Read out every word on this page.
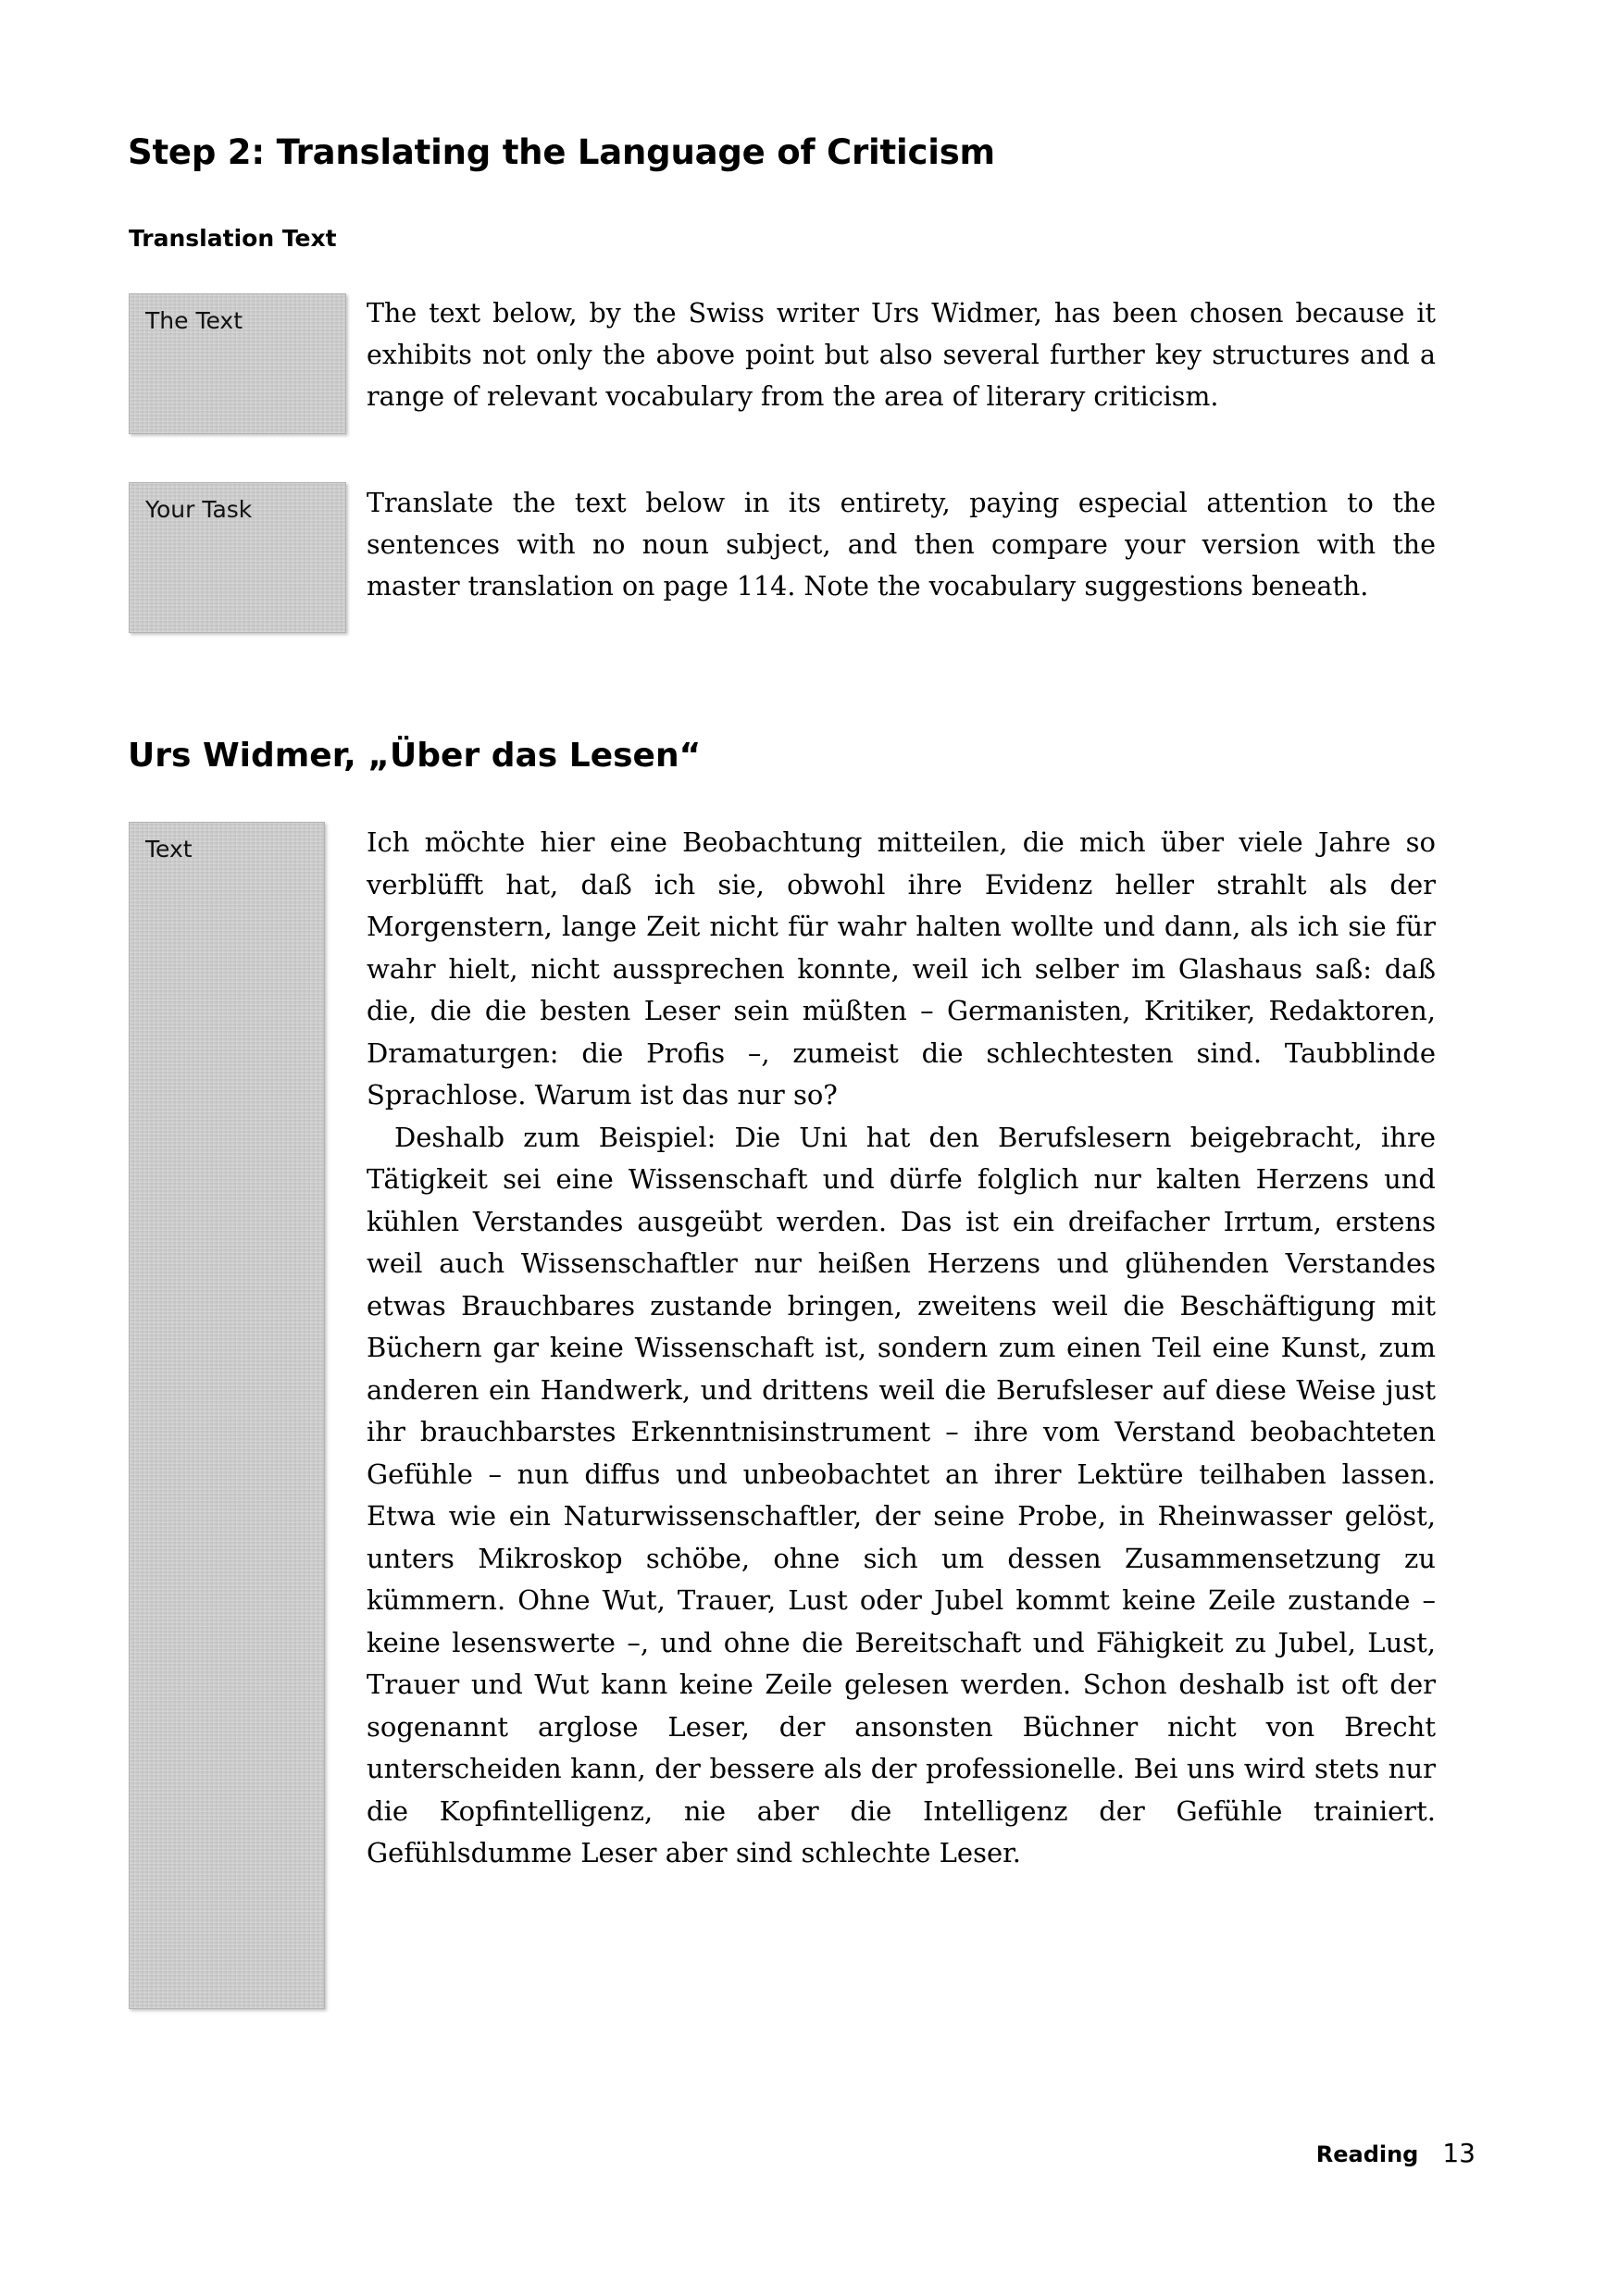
Step 2: Translating the Language of Criticism
Translation Text
The Text	The text below, by the Swiss writer Urs Widmer, has been chosen because it exhibits not only the above point but also several further key structures and a range of relevant vocabulary from the area of literary criticism.
Your Task	Translate the text below in its entirety, paying especial attention to the sentences with no noun subject, and then compare your version with the master translation on page 114. Note the vocabulary suggestions beneath.
Urs Widmer, „Über das Lesen“
Text	Ich möchte hier eine Beobachtung mitteilen, die mich über viele Jahre so verblüfft hat, daß ich sie, obwohl ihre Evidenz heller strahlt als der Morgenstern, lange Zeit nicht für wahr halten wollte und dann, als ich sie für wahr hielt, nicht aussprechen konnte, weil ich selber im Glashaus saß: daß die, die die besten Leser sein müßten – Germanisten, Kritiker, Redaktoren, Dramaturgen: die Profis –, zumeist die schlechtesten sind. Taubblinde Sprachlose. Warum ist das nur so?

Deshalb zum Beispiel: Die Uni hat den Berufslesern beigebracht, ihre Tätigkeit sei eine Wissenschaft und dürfe folglich nur kalten Herzens und kühlen Verstandes ausgeübt werden. Das ist ein dreifacher Irrtum, erstens weil auch Wissenschaftler nur heißen Herzens und glühenden Verstandes etwas Brauchbares zustande bringen, zweitens weil die Beschäftigung mit Büchern gar keine Wissenschaft ist, sondern zum einen Teil eine Kunst, zum anderen ein Handwerk, und drittens weil die Berufsleser auf diese Weise just ihr brauchbarstes Erkenntnisinstrument – ihre vom Verstand beobachteten Gefühle – nun diffus und unbeobachtet an ihrer Lektüre teilhaben lassen. Etwa wie ein Naturwissenschaftler, der seine Probe, in Rheinwasser gelöst, unters Mikroskop schöbe, ohne sich um dessen Zusammensetzung zu kümmern. Ohne Wut, Trauer, Lust oder Jubel kommt keine Zeile zustande – keine lesenswerte –, und ohne die Bereitschaft und Fähigkeit zu Jubel, Lust, Trauer und Wut kann keine Zeile gelesen werden. Schon deshalb ist oft der sogenannt arglose Leser, der ansonsten Büchner nicht von Brecht unterscheiden kann, der bessere als der professionelle. Bei uns wird stets nur die Kopfintelligenz, nie aber die Intelligenz der Gefühle trainiert. Gefühlsdumme Leser aber sind schlechte Leser.

Reading 13
